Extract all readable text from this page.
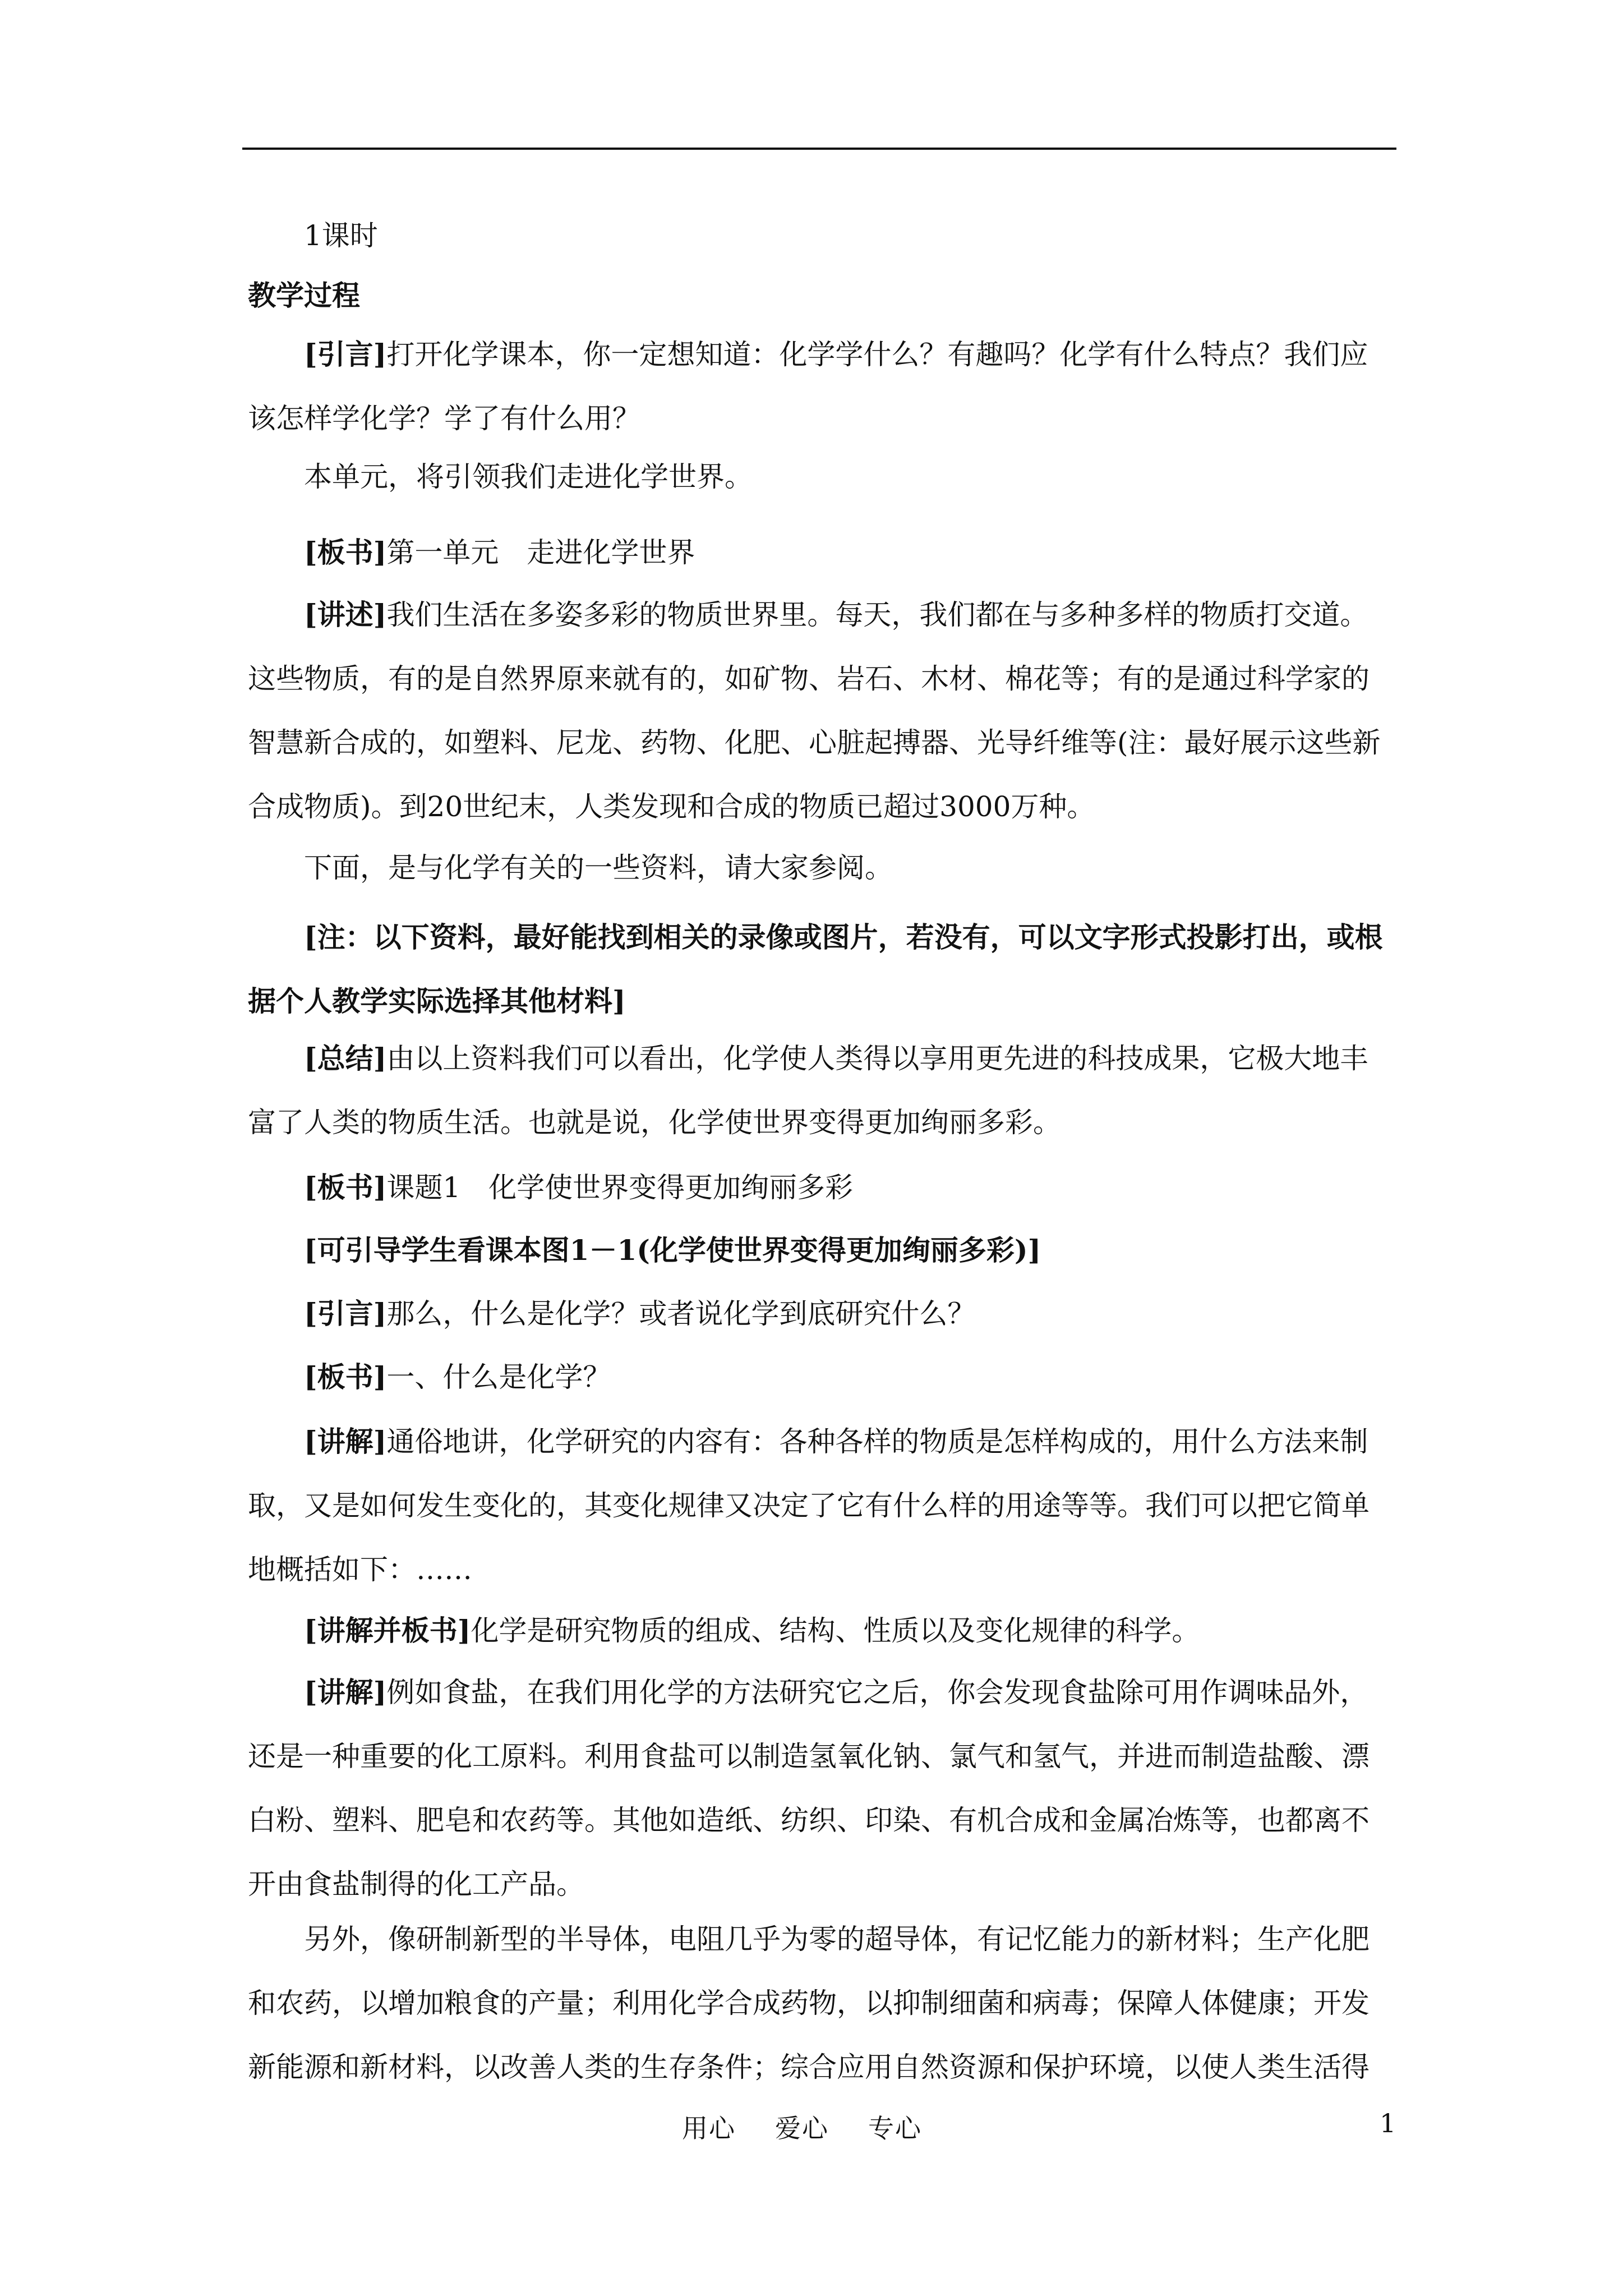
1课时

教学过程

[引言]打开化学课本，你一定想知道：化学学什么？有趣吗？化学有什么特点？我们应该怎样学化学？学了有什么用？

本单元，将引领我们走进化学世界。

[板书]第一单元　走进化学世界

[讲述]我们生活在多姿多彩的物质世界里。每天，我们都在与多种多样的物质打交道。这些物质，有的是自然界原来就有的，如矿物、岩石、木材、棉花等；有的是通过科学家的智慧新合成的，如塑料、尼龙、药物、化肥、心脏起搏器、光导纤维等(注：最好展示这些新合成物质)。到20世纪末，人类发现和合成的物质已超过3000万种。

下面，是与化学有关的一些资料，请大家参阅。

[注：以下资料，最好能找到相关的录像或图片，若没有，可以文字形式投影打出，或根据个人教学实际选择其他材料]

[总结]由以上资料我们可以看出，化学使人类得以享用更先进的科技成果，它极大地丰富了人类的物质生活。也就是说，化学使世界变得更加绚丽多彩。

[板书]课题1　化学使世界变得更加绚丽多彩

[可引导学生看课本图1－1(化学使世界变得更加绚丽多彩)]

[引言]那么，什么是化学？或者说化学到底研究什么？

[板书]一、什么是化学？

[讲解]通俗地讲，化学研究的内容有：各种各样的物质是怎样构成的，用什么方法来制取，又是如何发生变化的，其变化规律又决定了它有什么样的用途等等。我们可以把它简单地概括如下：……

[讲解并板书]化学是研究物质的组成、结构、性质以及变化规律的科学。

[讲解]例如食盐，在我们用化学的方法研究它之后，你会发现食盐除可用作调味品外，还是一种重要的化工原料。利用食盐可以制造氢氧化钠、氯气和氢气，并进而制造盐酸、漂白粉、塑料、肥皂和农药等。其他如造纸、纺织、印染、有机合成和金属冶炼等，也都离不开由食盐制得的化工产品。

另外，像研制新型的半导体，电阻几乎为零的超导体，有记忆能力的新材料；生产化肥和农药，以增加粮食的产量；利用化学合成药物，以抑制细菌和病毒；保障人体健康；开发新能源和新材料，以改善人类的生存条件；综合应用自然资源和保护环境，以使人类生活得

用心 爱心 专心	1
